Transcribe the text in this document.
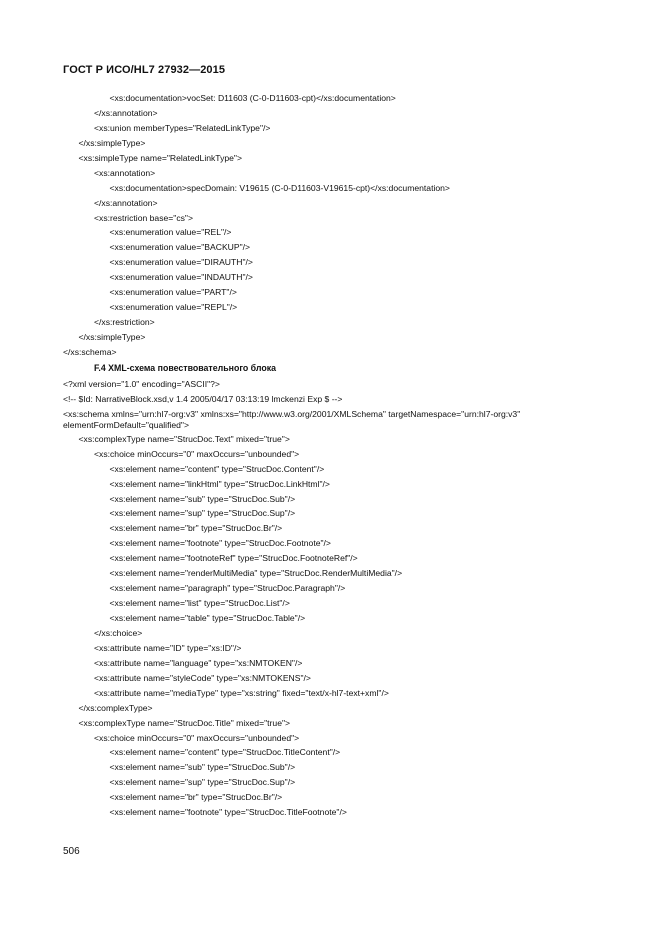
ГОСТ Р ИСО/HL7 27932—2015
<xs:documentation>vocSet: D11603 (C-0-D11603-cpt)</xs:documentation>
</xs:annotation>
<xs:union memberTypes="RelatedLinkType"/>
</xs:simpleType>
<xs:simpleType name="RelatedLinkType">
<xs:annotation>
<xs:documentation>specDomain: V19615 (C-0-D11603-V19615-cpt)</xs:documentation>
</xs:annotation>
<xs:restriction base="cs">
<xs:enumeration value="REL"/>
<xs:enumeration value="BACKUP"/>
<xs:enumeration value="DIRAUTH"/>
<xs:enumeration value="INDAUTH"/>
<xs:enumeration value="PART"/>
<xs:enumeration value="REPL"/>
</xs:restriction>
</xs:simpleType>
</xs:schema>
F.4 XML-схема повествовательного блока
<?xml version="1.0" encoding="ASCII"?>
<!-- $Id: NarrativeBlock.xsd,v 1.4 2005/04/17 03:13:19 lmckenzi Exp $ -->
<xs:schema xmlns="urn:hl7-org:v3" xmlns:xs="http://www.w3.org/2001/XMLSchema" targetNamespace="urn:hl7-org:v3" elementFormDefault="qualified">
<xs:complexType name="StrucDoc.Text" mixed="true">
<xs:choice minOccurs="0" maxOccurs="unbounded">
<xs:element name="content" type="StrucDoc.Content"/>
<xs:element name="linkHtml" type="StrucDoc.LinkHtml"/>
<xs:element name="sub" type="StrucDoc.Sub"/>
<xs:element name="sup" type="StrucDoc.Sup"/>
<xs:element name="br" type="StrucDoc.Br"/>
<xs:element name="footnote" type="StrucDoc.Footnote"/>
<xs:element name="footnoteRef" type="StrucDoc.FootnoteRef"/>
<xs:element name="renderMultiMedia" type="StrucDoc.RenderMultiMedia"/>
<xs:element name="paragraph" type="StrucDoc.Paragraph"/>
<xs:element name="list" type="StrucDoc.List"/>
<xs:element name="table" type="StrucDoc.Table"/>
</xs:choice>
<xs:attribute name="ID" type="xs:ID"/>
<xs:attribute name="language" type="xs:NMTOKEN"/>
<xs:attribute name="styleCode" type="xs:NMTOKENS"/>
<xs:attribute name="mediaType" type="xs:string" fixed="text/x-hl7-text+xml"/>
</xs:complexType>
<xs:complexType name="StrucDoc.Title" mixed="true">
<xs:choice minOccurs="0" maxOccurs="unbounded">
<xs:element name="content" type="StrucDoc.TitleContent"/>
<xs:element name="sub" type="StrucDoc.Sub"/>
<xs:element name="sup" type="StrucDoc.Sup"/>
<xs:element name="br" type="StrucDoc.Br"/>
<xs:element name="footnote" type="StrucDoc.TitleFootnote"/>
506
